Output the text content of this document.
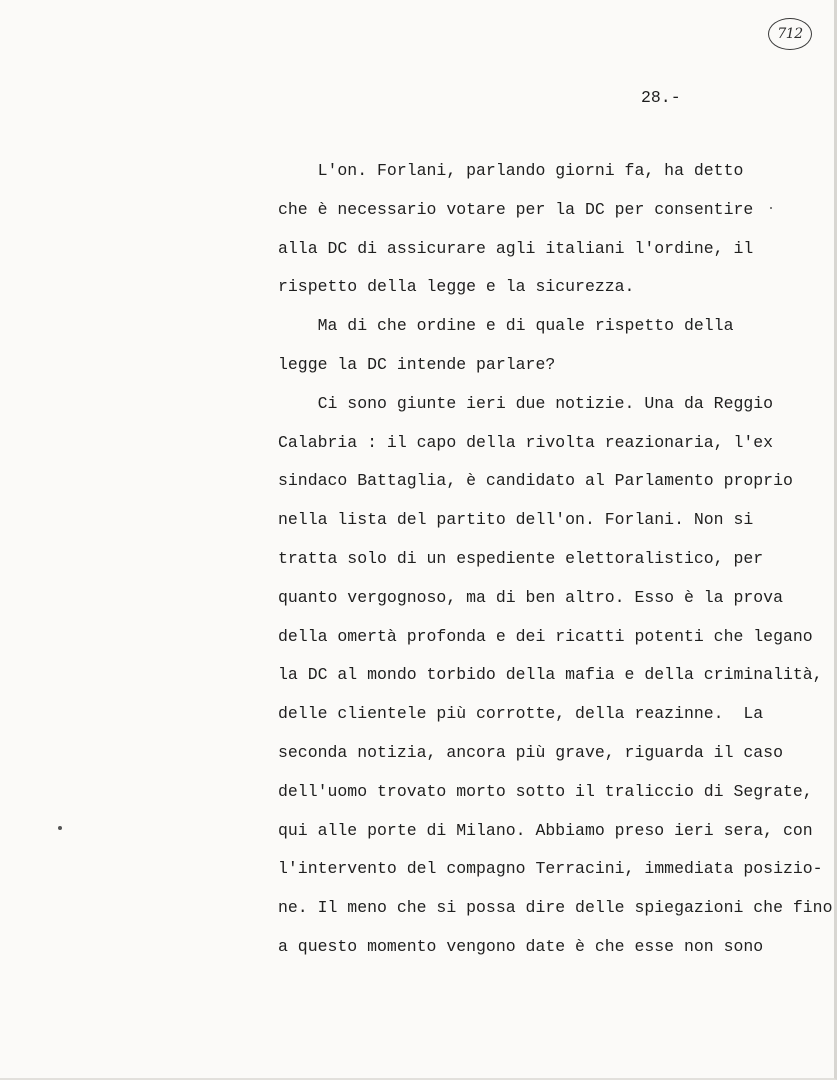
712
28.-
L'on. Forlani, parlando giorni fa, ha detto
che è necessario votare per la DC per consentire
alla DC di assicurare agli italiani l'ordine, il
rispetto della legge e la sicurezza.
Ma di che ordine e di quale rispetto della
legge la DC intende parlare?
Ci sono giunte ieri due notizie. Una da Reggio
Calabria : il capo della rivolta reazionaria, l'ex
sindaco Battaglia, è candidato al Parlamento proprio
nella lista del partito dell'on. Forlani. Non si
tratta solo di un espediente elettoralistico, per
quanto vergognoso, ma di ben altro. Esso è la prova
della omertà profonda e dei ricatti potenti che legano
la DC al mondo torbido della mafia e della criminalità,
delle clientele più corrotte, della reazinne.  La
seconda notizia, ancora più grave, riguarda il caso
dell'uomo trovato morto sotto il traliccio di Segrate,
qui alle porte di Milano. Abbiamo preso ieri sera, con
l'intervento del compagno Terracini, immediata posizio-
ne. Il meno che si possa dire delle spiegazioni che fino
a questo momento vengono date è che esse non sono
